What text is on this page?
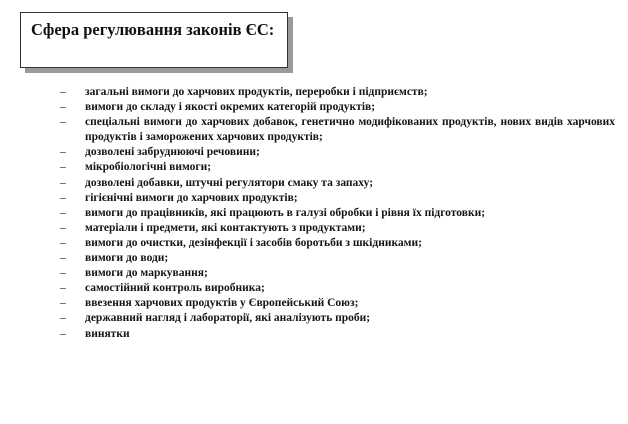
Сфера регулювання законів ЄС:
– загальні вимоги до харчових продуктів, переробки і підприємств;
– вимоги до складу і якості окремих категорій продуктів;
– спеціальні вимоги до харчових добавок, генетично модифікованих продуктів, нових видів харчових продуктів і заморожених харчових продуктів;
– дозволені забруднюючі речовини;
– мікробіологічні вимоги;
– дозволені добавки, штучні регулятори смаку та запаху;
– гігієнічні вимоги до харчових продуктів;
– вимоги до працівників, які працюють в галузі обробки і рівня їх підготовки;
– матеріали і предмети, які контактують з продуктами;
– вимоги до очистки, дезінфекції і засобів боротьби з шкідниками;
– вимоги до води;
– вимоги до маркування;
– самостійний контроль виробника;
– ввезення харчових продуктів у Європейський Союз;
– державний нагляд і лабораторії, які аналізують проби;
– винятки
